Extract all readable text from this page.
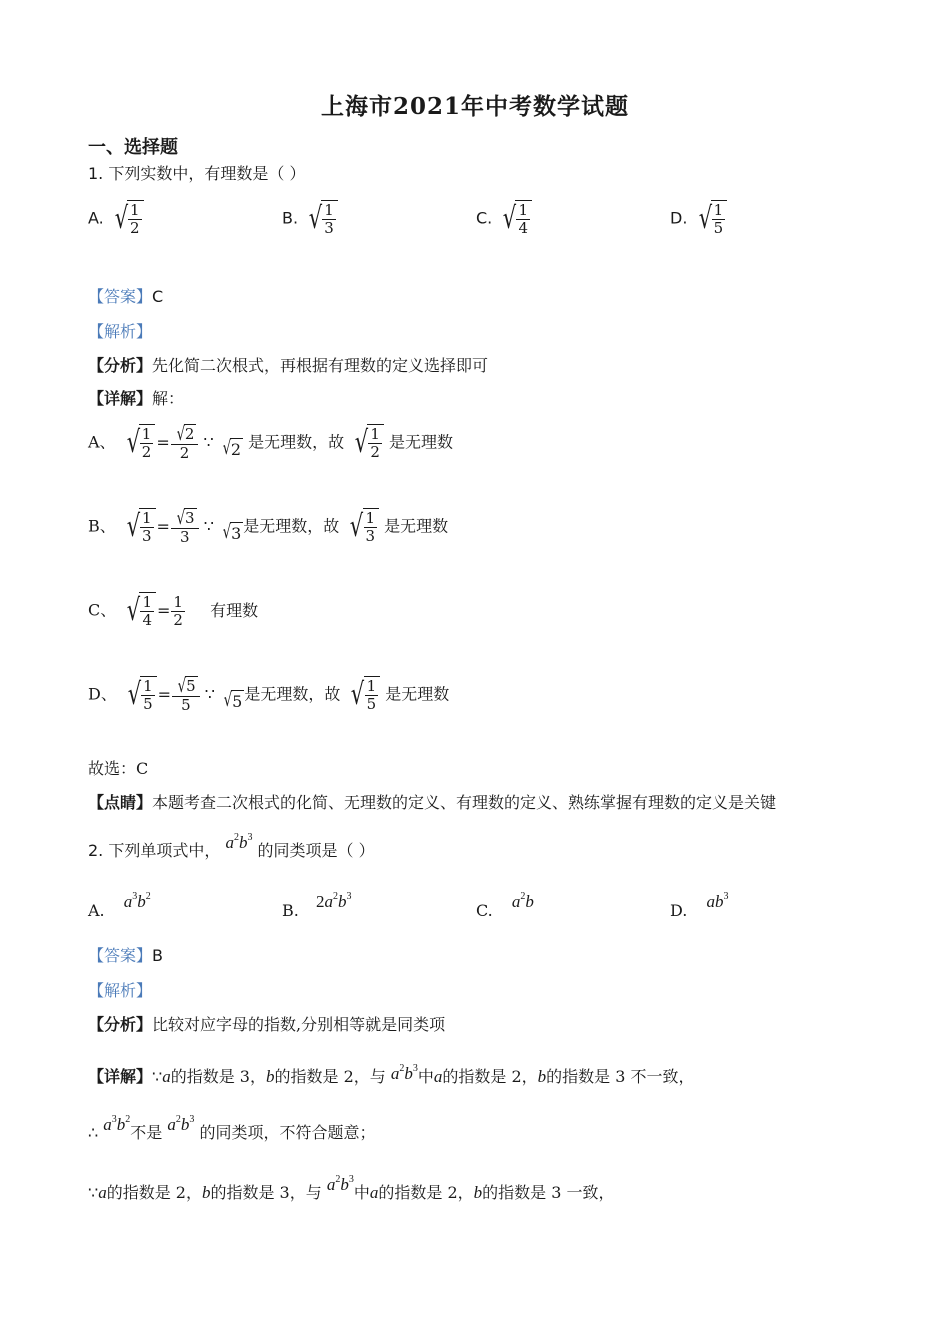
上海市2021年中考数学试题
一、选择题
1. 下列实数中，有理数是（ ）
A. √ $\frac{1}{2}$	B. √ $\frac{1}{3}$	C. √ $\frac{1}{4}$	D. √ $\frac{1}{5}$
【答案】C
【解析】
【分析】先化简二次根式，再根据有理数的定义选择即可
【详解】解：
A、 √ $\frac{1}{2} = \frac{√ 2}{2}$ ∵ √ 2 是无理数，故 √ $\frac{1}{2}$ 是无理数
B、 √ $\frac{1}{3} = \frac{√ 3}{3}$ ∵ √ 3 是无理数，故 √ $\frac{1}{3}$ 是无理数
C、 √ $\frac{1}{4} = \frac{1}{2}$ 有理数
D、 √ $\frac{1}{5} = \frac{√ 5}{5}$ ∵ √ 5 是无理数，故 √ $\frac{1}{5}$ 是无理数
故选：C
【点睛】本题考查二次根式的化简、无理数的定义、有理数的定义、熟练掌握有理数的定义是关键
2. 下列单项式中， $a^2b^3$ 的同类项是（ ）
A. $a^3b^2$
B. $2a^2b^3$
C. $a^2b$	D. $ab^3$
【答案】B
【解析】
【分析】比较对应字母的指数,分别相等就是同类项
【详解】∵a的指数是 3，b的指数是 2，与 $a^2b^3$中a的指数是 2，b的指数是 3 不一致，
∴ $a^3b^2$不是 $a^2b^3$ 的同类项，不符合题意；
∵a的指数是 2，b的指数是 3，与 $a^2b^3$中a的指数是 2，b的指数是 3 一致，
